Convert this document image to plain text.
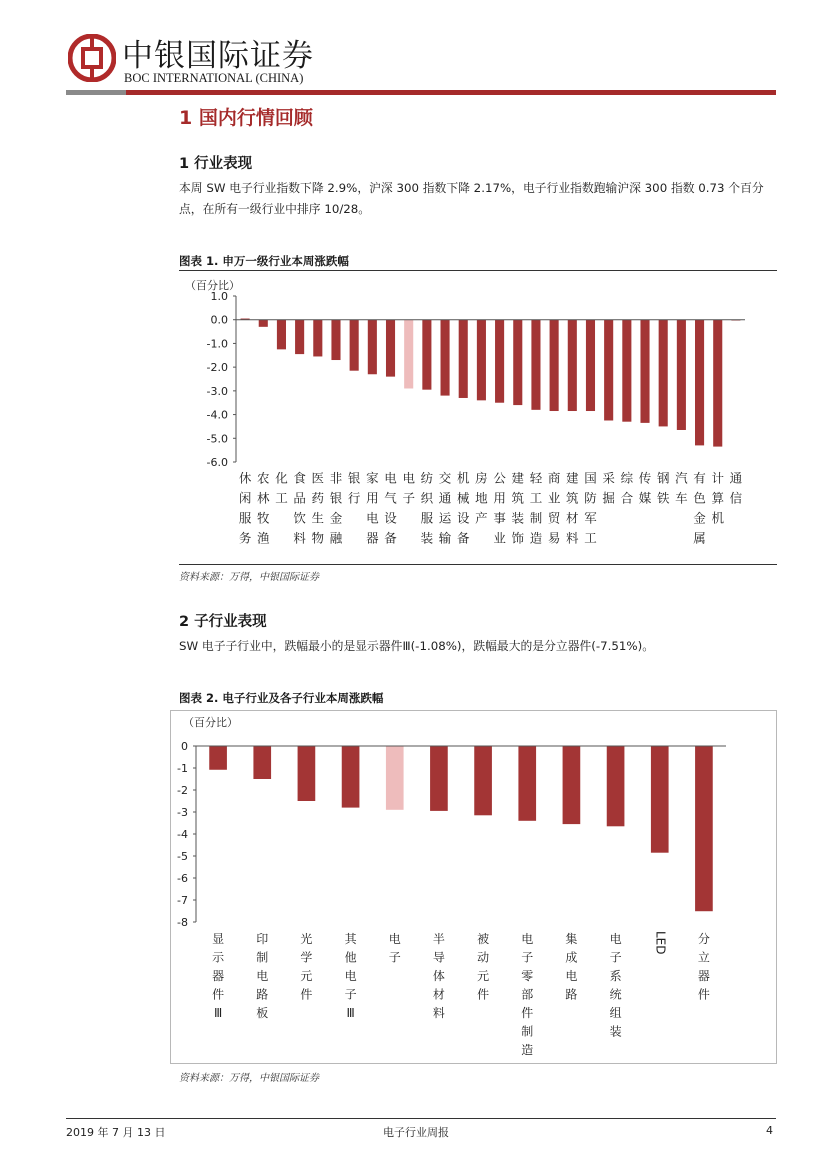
中银国际证券
BOC INTERNATIONAL (CHINA)
1 国内行情回顾
1 行业表现
本周 SW 电子行业指数下降 2.9%，沪深 300 指数下降 2.17%，电子行业指数跑输沪深 300 指数 0.73 个百分点，在所有一级行业中排序 10/28。
图表 1. 申万一级行业本周涨跌幅
（百分比）
1.0
0.0
-1.0
-2.0
-3.0
-4.0
-5.0
-6.0
休闲服务
农林牧渔
化工
食品饮料
医药生物
非银金融
银行
家用电器
电气设备
电子
纺织服装
交通运输
机械设备
房地产
公用事业
建筑装饰
轻工制造
商业贸易
建筑材料
国防军工
采掘
综合
传媒
钢铁
汽车
有色金属
计算机
通信
资料来源：万得，中银国际证券
2 子行业表现
SW 电子子行业中，跌幅最小的是显示器件Ⅲ(-1.08%)，跌幅最大的是分立器件(-7.51%)。
图表 2. 电子行业及各子行业本周涨跌幅
（百分比）
0
-1
-2
-3
-4
-5
-6
-7
-8
显示器件 Ⅲ
印制电路板
光学元件
其他电子 Ⅲ
电子
半导体材料
被动元件
电子零部件制造
集成电路
电子系统组装
LED	分立器件
资料来源：万得，中银国际证券
2019 年 7 月 13 日	电子行业周报	4
